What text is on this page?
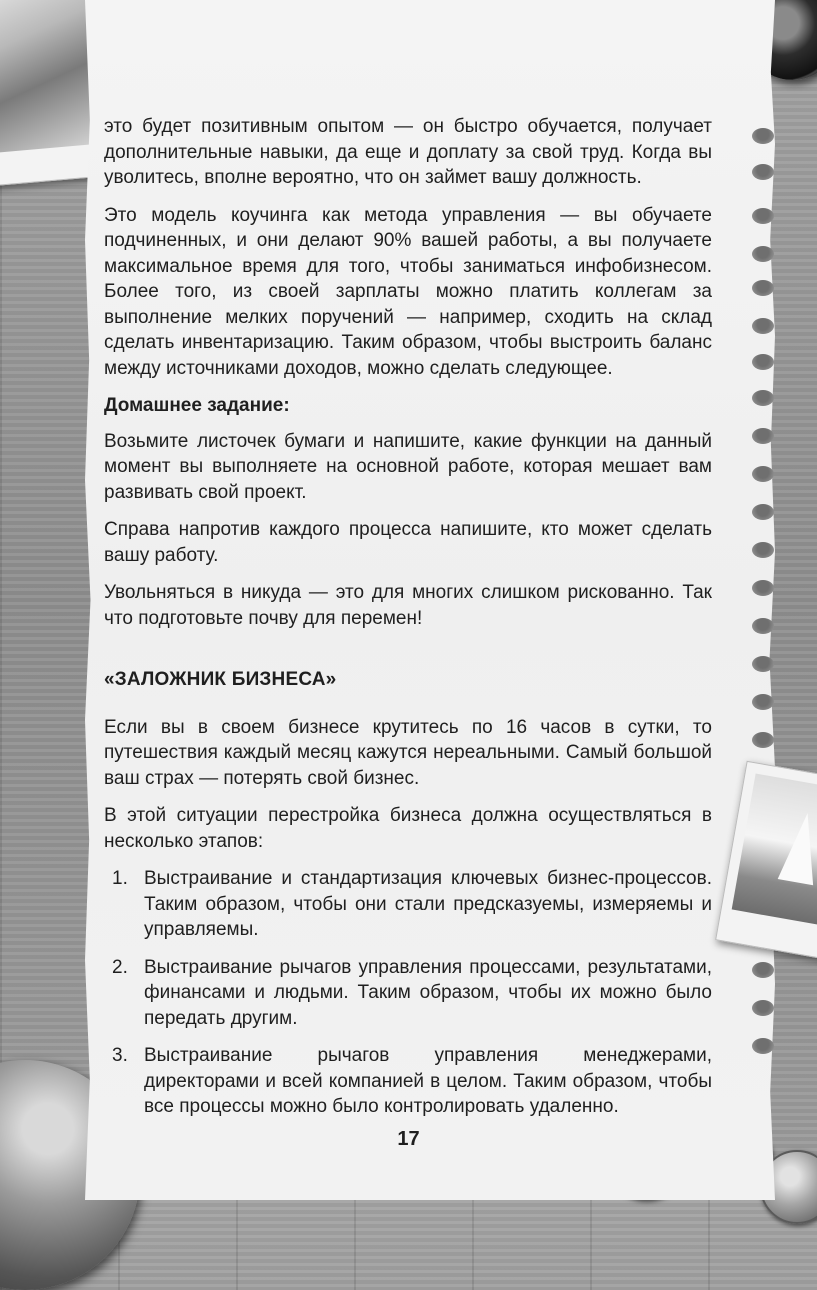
это будет позитивным опытом — он быстро обучается, получает дополнительные навыки, да еще и доплату за свой труд. Когда вы уволитесь, вполне вероятно, что он займет вашу должность.

Это модель коучинга как метода управления — вы обучаете подчиненных, и они делают 90% вашей работы, а вы получаете максимальное время для того, чтобы заниматься инфобизнесом. Более того, из своей зарплаты можно платить коллегам за выполнение мелких поручений — например, сходить на склад сделать инвентаризацию. Таким образом, чтобы выстроить баланс между источниками доходов, можно сделать следующее.

Домашнее задание:

Возьмите листочек бумаги и напишите, какие функции на данный момент вы выполняете на основной работе, которая мешает вам развивать свой проект.

Справа напротив каждого процесса напишите, кто может сделать вашу работу.

Увольняться в никуда — это для многих слишком рискованно. Так что подготовьте почву для перемен!

«ЗАЛОЖНИК БИЗНЕСА»

Если вы в своем бизнесе крутитесь по 16 часов в сутки, то путешествия каждый месяц кажутся нереальными. Самый большой ваш страх — потерять свой бизнес.

В этой ситуации перестройка бизнеса должна осуществляться в несколько этапов:

1. Выстраивание и стандартизация ключевых бизнес-процессов. Таким образом, чтобы они стали предсказуемы, измеряемы и управляемы.
2. Выстраивание рычагов управления процессами, результатами, финансами и людьми. Таким образом, чтобы их можно было передать другим.
3. Выстраивание рычагов управления менеджерами, директорами и всей компанией в целом. Таким образом, чтобы все процессы можно было контролировать удаленно.
17
